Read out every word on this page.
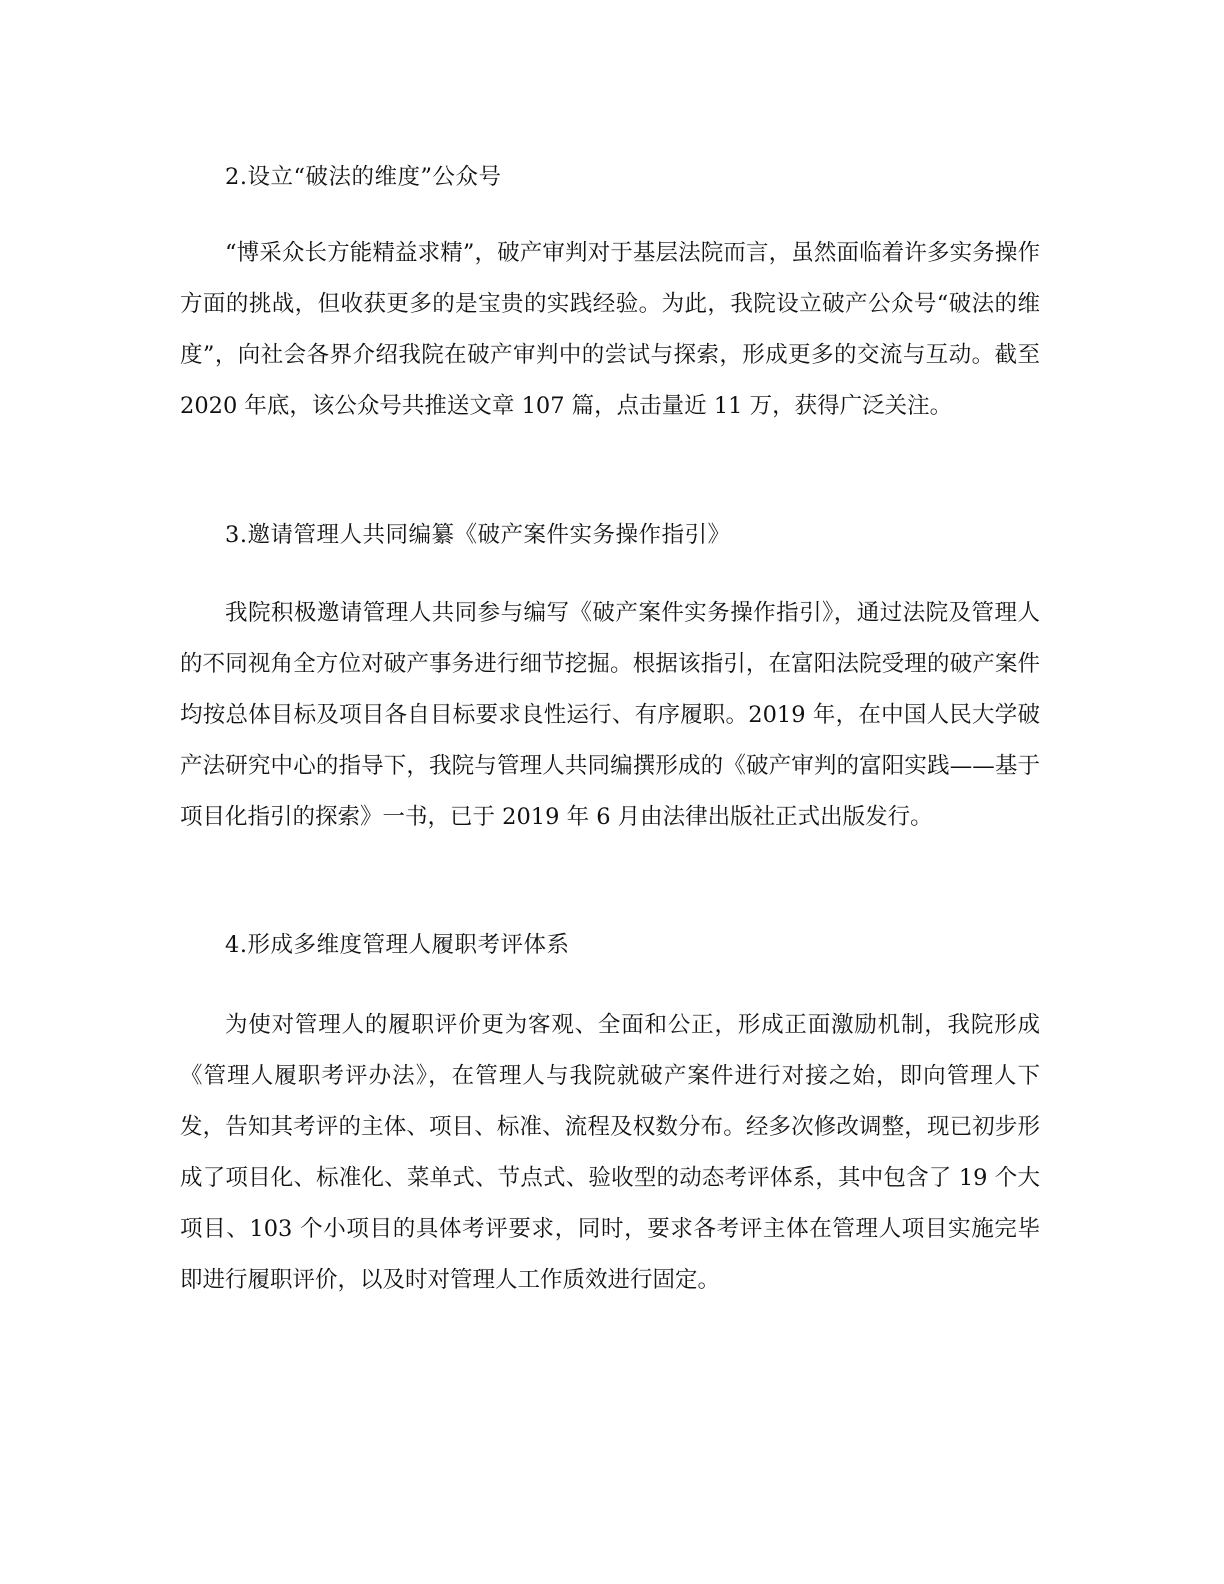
2.设立“破法的维度”公众号

“博采众长方能精益求精”，破产审判对于基层法院而言，虽然面临着许多实务操作方面的挑战，但收获更多的是宝贵的实践经验。为此，我院设立破产公众号“破法的维度”，向社会各界介绍我院在破产审判中的尝试与探索，形成更多的交流与互动。截至 2020 年底，该公众号共推送文章 107 篇，点击量近 11 万，获得广泛关注。

3.邀请管理人共同编纂《破产案件实务操作指引》

我院积极邀请管理人共同参与编写《破产案件实务操作指引》，通过法院及管理人的不同视角全方位对破产事务进行细节挖掘。根据该指引，在富阳法院受理的破产案件均按总体目标及项目各自目标要求良性运行、有序履职。2019 年，在中国人民大学破产法研究中心的指导下，我院与管理人共同编撰形成的《破产审判的富阳实践——基于项目化指引的探索》一书，已于 2019 年 6 月由法律出版社正式出版发行。

4.形成多维度管理人履职考评体系

为使对管理人的履职评价更为客观、全面和公正，形成正面激励机制，我院形成《管理人履职考评办法》，在管理人与我院就破产案件进行对接之始，即向管理人下发，告知其考评的主体、项目、标准、流程及权数分布。经多次修改调整，现已初步形成了项目化、标准化、菜单式、节点式、验收型的动态考评体系，其中包含了 19 个大项目、103 个小项目的具体考评要求，同时，要求各考评主体在管理人项目实施完毕即进行履职评价，以及时对管理人工作质效进行固定。
